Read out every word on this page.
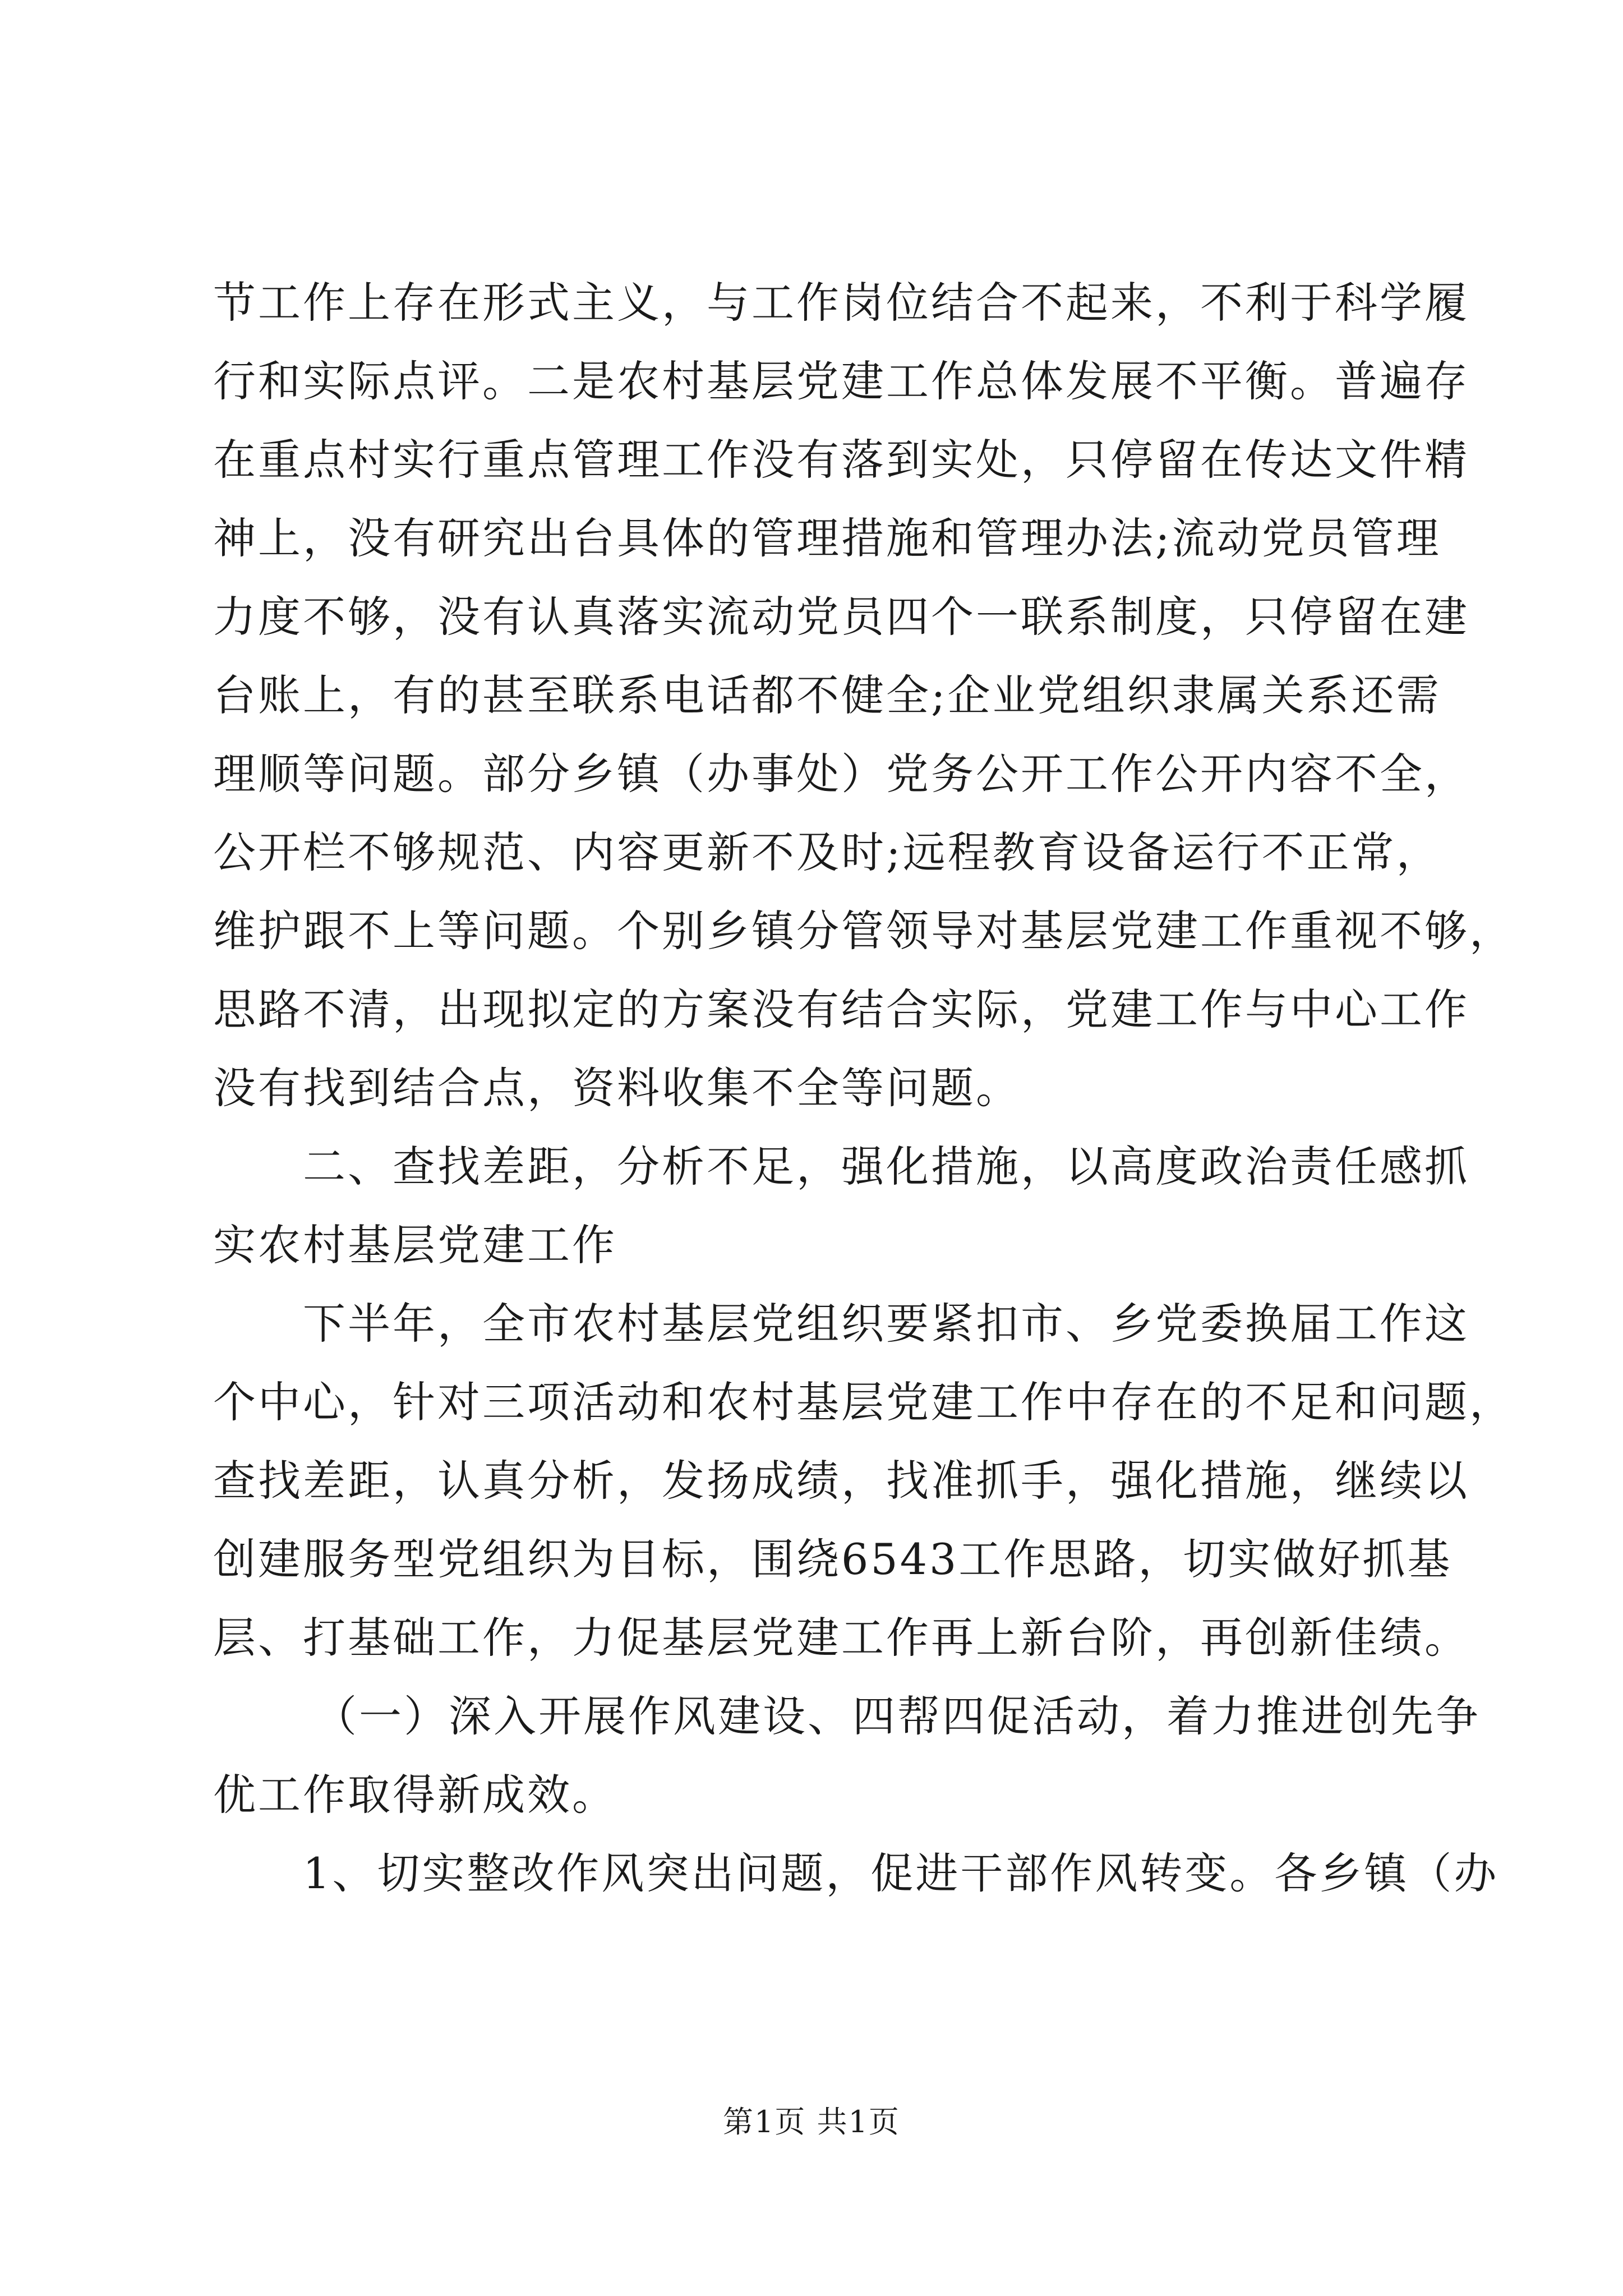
节工作上存在形式主义，与工作岗位结合不起来，不利于科学履
行和实际点评。二是农村基层党建工作总体发展不平衡。普遍存
在重点村实行重点管理工作没有落到实处，只停留在传达文件精
神上，没有研究出台具体的管理措施和管理办法;流动党员管理
力度不够，没有认真落实流动党员四个一联系制度，只停留在建
台账上，有的甚至联系电话都不健全;企业党组织隶属关系还需
理顺等问题。部分乡镇（办事处）党务公开工作公开内容不全，
公开栏不够规范、内容更新不及时;远程教育设备运行不正常，
维护跟不上等问题。个别乡镇分管领导对基层党建工作重视不够，
思路不清，出现拟定的方案没有结合实际，党建工作与中心工作
没有找到结合点，资料收集不全等问题。
二、查找差距，分析不足，强化措施，以高度政治责任感抓
实农村基层党建工作
下半年，全市农村基层党组织要紧扣市、乡党委换届工作这
个中心，针对三项活动和农村基层党建工作中存在的不足和问题，
查找差距，认真分析，发扬成绩，找准抓手，强化措施，继续以
创建服务型党组织为目标，围绕6543工作思路，切实做好抓基
层、打基础工作，力促基层党建工作再上新台阶，再创新佳绩。
（一）深入开展作风建设、四帮四促活动，着力推进创先争
优工作取得新成效。
1、切实整改作风突出问题，促进干部作风转变。各乡镇（办
第1页 共1页
